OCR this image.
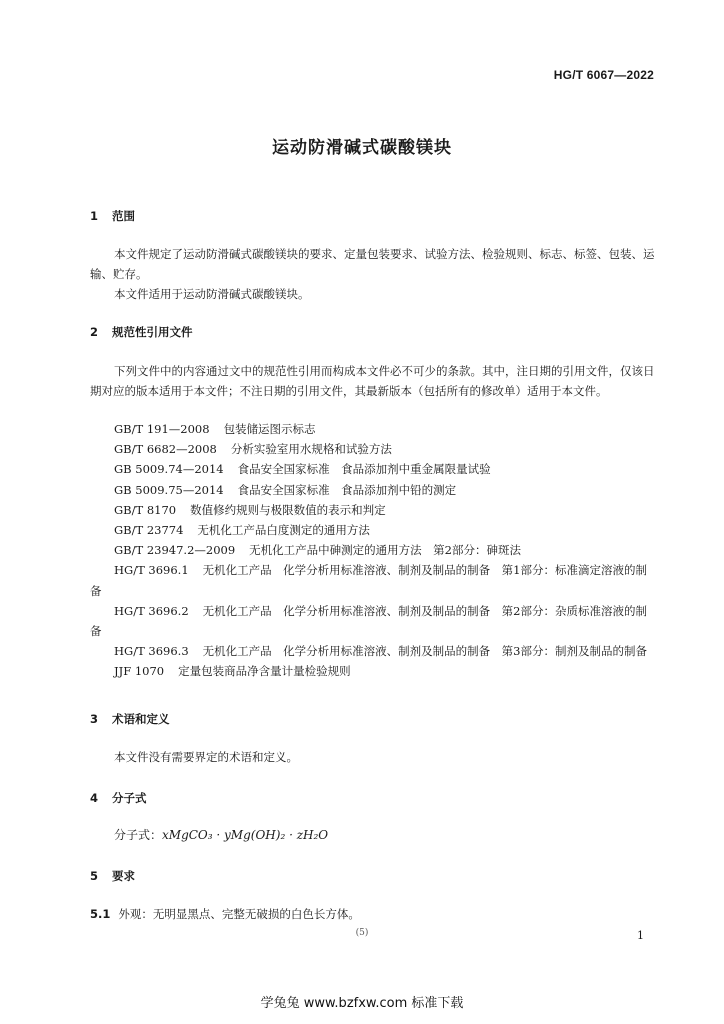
HG/T 6067—2022
运动防滑碱式碳酸镁块
1 范围

本文件规定了运动防滑碱式碳酸镁块的要求、定量包装要求、试验方法、检验规则、标志、标签、包装、运输、贮存。

本文件适用于运动防滑碱式碳酸镁块。

2 规范性引用文件

下列文件中的内容通过文中的规范性引用而构成本文件必不可少的条款。其中，注日期的引用文件，仅该日期对应的版本适用于本文件；不注日期的引用文件，其最新版本（包括所有的修改单）适用于本文件。

GB/T 191—2008 包装储运图示标志

GB/T 6682—2008 分析实验室用水规格和试验方法

GB 5009.74—2014 食品安全国家标准　食品添加剂中重金属限量试验

GB 5009.75—2014 食品安全国家标准　食品添加剂中铅的测定

GB/T 8170 数值修约规则与极限数值的表示和判定

GB/T 23774 无机化工产品白度测定的通用方法

GB/T 23947.2—2009 无机化工产品中砷测定的通用方法　第2部分：砷斑法

HG/T 3696.1 无机化工产品　化学分析用标准溶液、制剂及制品的制备　第1部分：标准滴定溶液的制备

HG/T 3696.2 无机化工产品　化学分析用标准溶液、制剂及制品的制备　第2部分：杂质标准溶液的制备

HG/T 3696.3 无机化工产品　化学分析用标准溶液、制剂及制品的制备　第3部分：制剂及制品的制备

JJF 1070 定量包装商品净含量计量检验规则

3 术语和定义

本文件没有需要界定的术语和定义。

4 分子式
分子式：xMgCO₃ · yMg(OH)₂ · zH₂O
5 要求
5.1 外观：无明显黑点、完整无破损的白色长方体。
(5)	1
学兔兔 www.bzfxw.com 标准下载
